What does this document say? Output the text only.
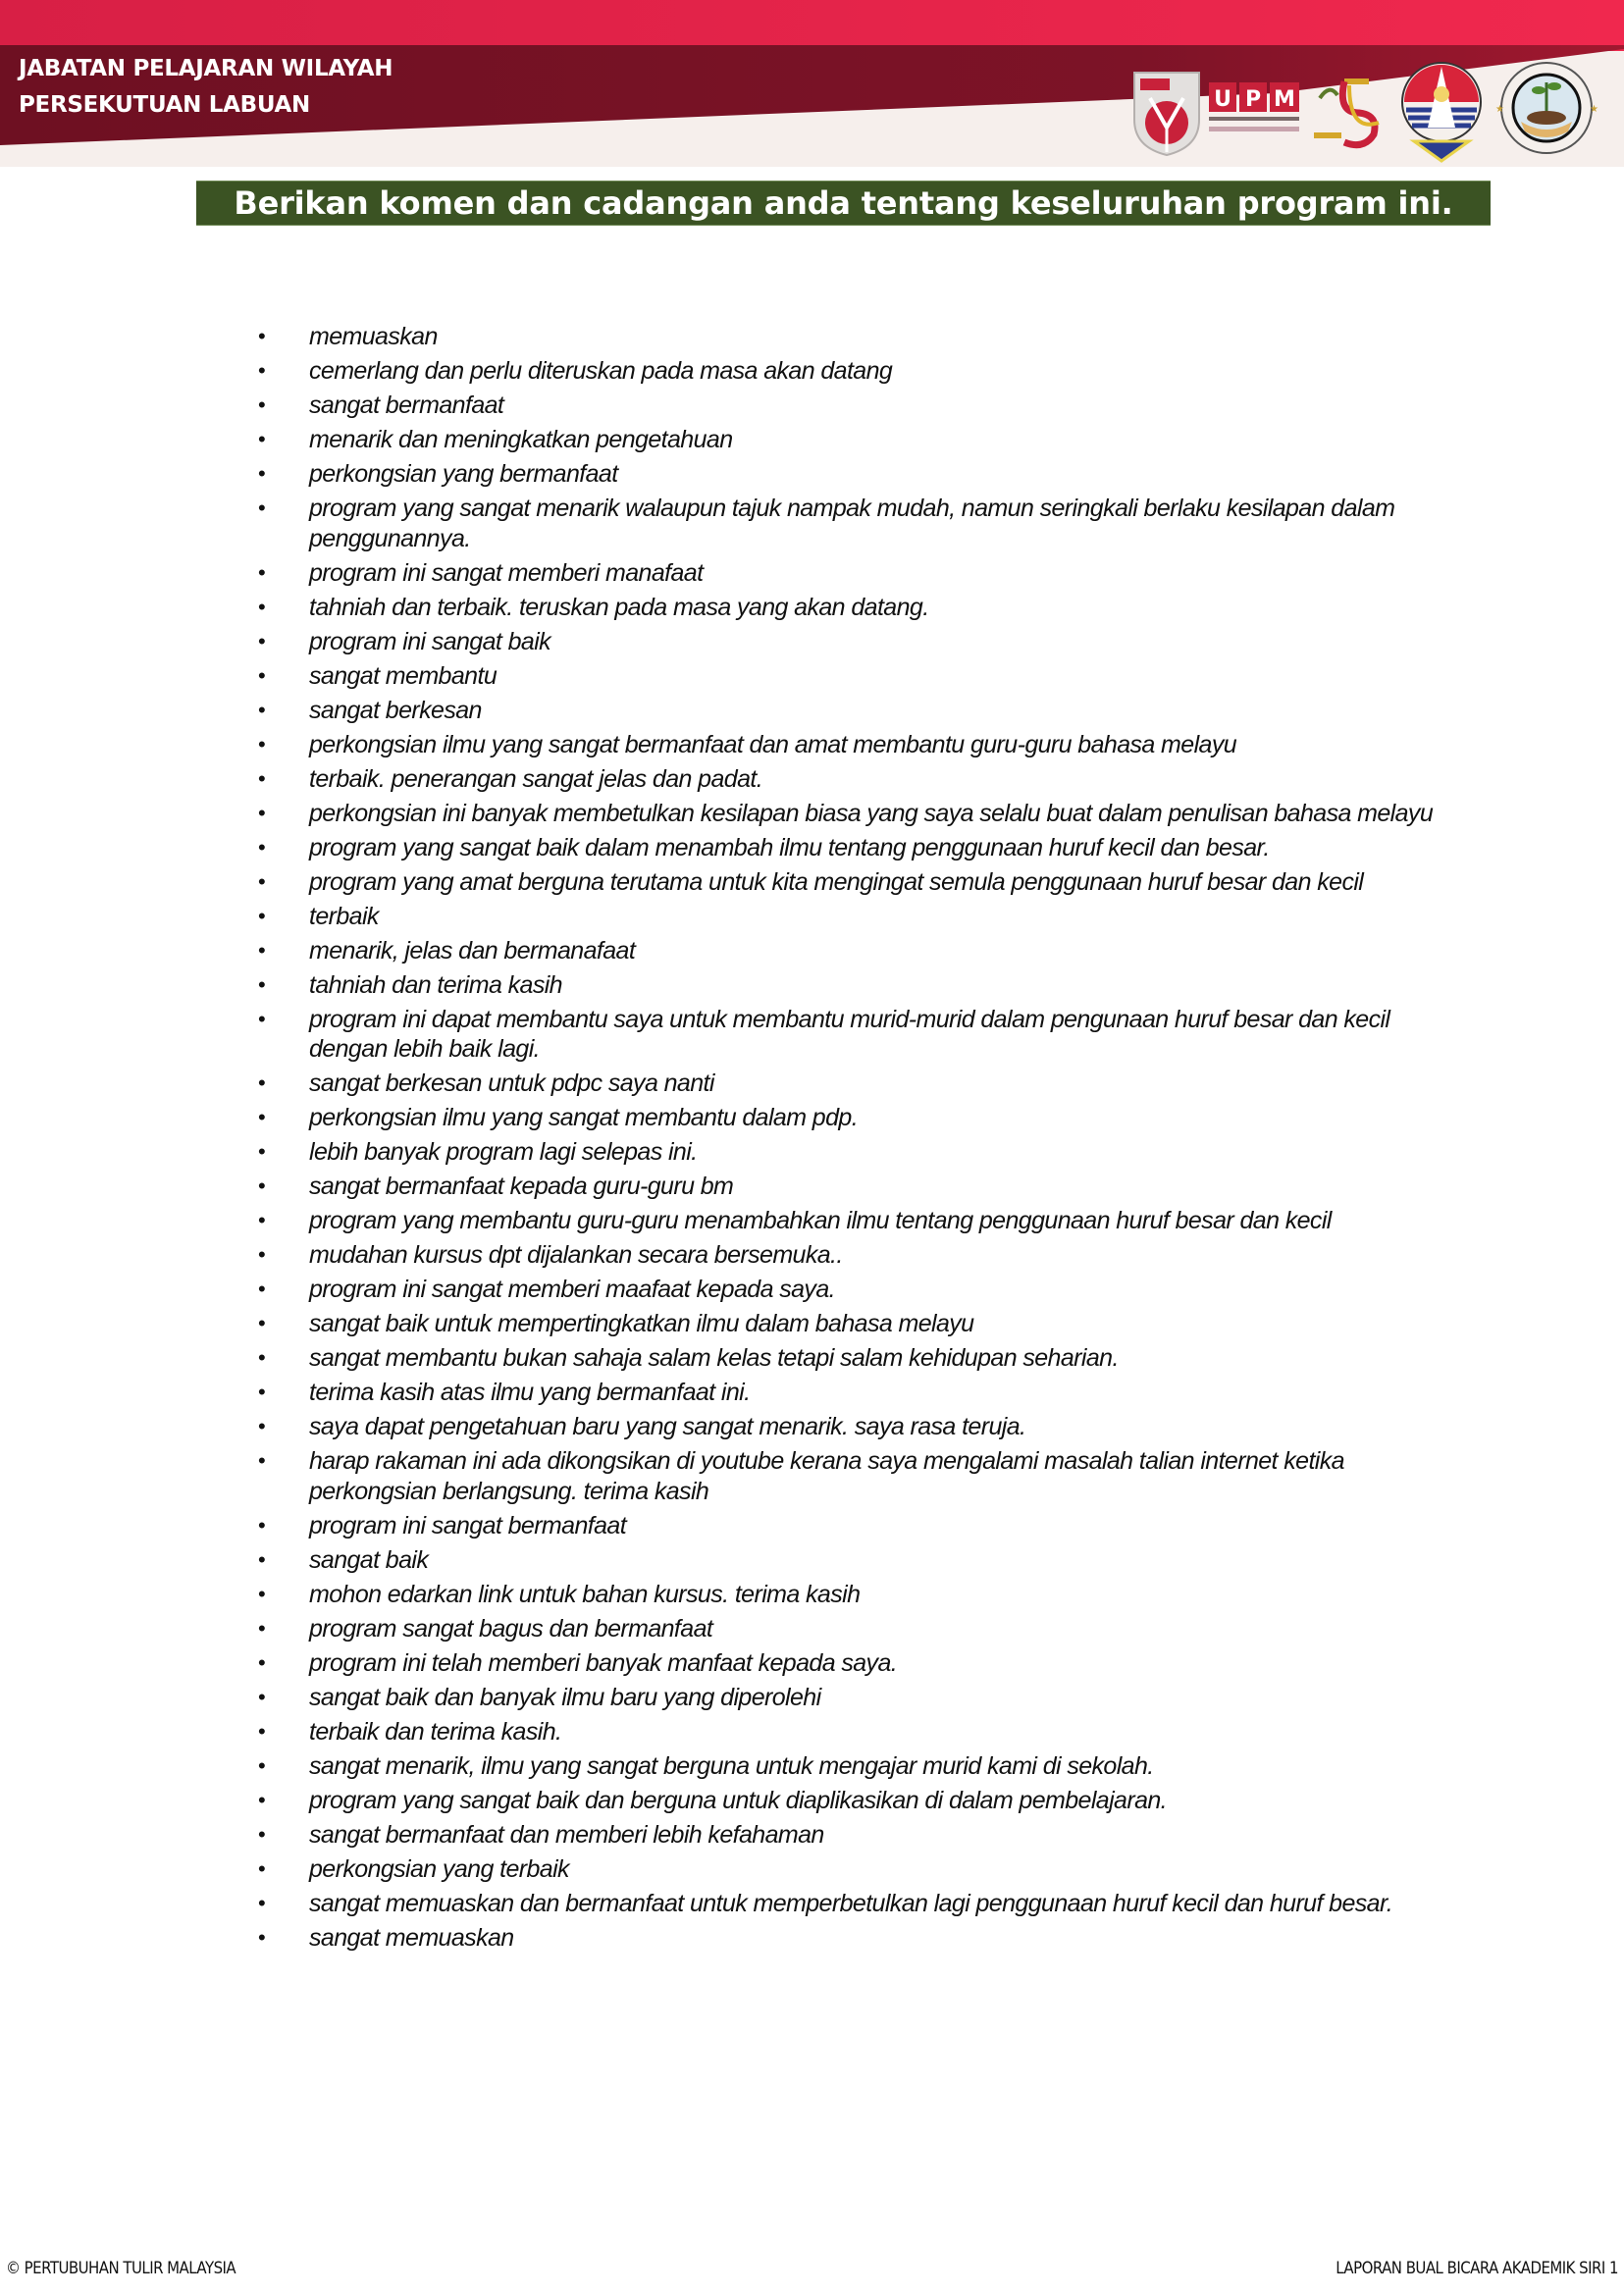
JABATAN PELAJARAN WILAYAH
PERSEKUTUAN LABUAN	U P M	★	★
Berikan komen dan cadangan anda tentang keseluruhan program ini.
• memuaskan
• cemerlang dan perlu diteruskan pada masa akan datang
• sangat bermanfaat
• menarik dan meningkatkan pengetahuan
• perkongsian yang bermanfaat
• program yang sangat menarik walaupun tajuk nampak mudah, namun seringkali berlaku kesilapan dalam penggunannya.
• program ini sangat memberi manafaat
• tahniah dan terbaik. teruskan pada masa yang akan datang.
• program ini sangat baik
• sangat membantu
• sangat berkesan
• perkongsian ilmu yang sangat bermanfaat dan amat membantu guru-guru bahasa melayu
• terbaik. penerangan sangat jelas dan padat.
• perkongsian ini banyak membetulkan kesilapan biasa yang saya selalu buat dalam penulisan bahasa melayu
• program yang sangat baik dalam menambah ilmu tentang penggunaan huruf kecil dan besar.
• program yang amat berguna terutama untuk kita mengingat semula penggunaan huruf besar dan kecil
• terbaik
• menarik, jelas dan bermanafaat
• tahniah dan terima kasih
• program ini dapat membantu saya untuk membantu murid-murid dalam pengunaan huruf besar dan kecil dengan lebih baik lagi.
• sangat berkesan untuk pdpc saya nanti
• perkongsian ilmu yang sangat membantu dalam pdp.
• lebih banyak program lagi selepas ini.
• sangat bermanfaat kepada guru-guru bm
• program yang membantu guru-guru menambahkan ilmu tentang penggunaan huruf besar dan kecil
• mudahan kursus dpt dijalankan secara bersemuka..
• program ini sangat memberi maafaat kepada saya.
• sangat baik untuk mempertingkatkan ilmu dalam bahasa melayu
• sangat membantu bukan sahaja salam kelas tetapi salam kehidupan seharian.
• terima kasih atas ilmu yang bermanfaat ini.
• saya dapat pengetahuan baru yang sangat menarik. saya rasa teruja.
• harap rakaman ini ada dikongsikan di youtube kerana saya mengalami masalah talian internet ketika perkongsian berlangsung. terima kasih
• program ini sangat bermanfaat
• sangat baik
• mohon edarkan link untuk bahan kursus. terima kasih
• program sangat bagus dan bermanfaat
• program ini telah memberi banyak manfaat kepada saya.
• sangat baik dan banyak ilmu baru yang diperolehi
• terbaik dan terima kasih.
• sangat menarik, ilmu yang sangat berguna untuk mengajar murid kami di sekolah.
• program yang sangat baik dan berguna untuk diaplikasikan di dalam pembelajaran.
• sangat bermanfaat dan memberi lebih kefahaman
• perkongsian yang terbaik
• sangat memuaskan dan bermanfaat untuk memperbetulkan lagi penggunaan huruf kecil dan huruf besar.
• sangat memuaskan
© PERTUBUHAN TULIR MALAYSIA	LAPORAN BUAL BICARA AKADEMIK SIRI 1
